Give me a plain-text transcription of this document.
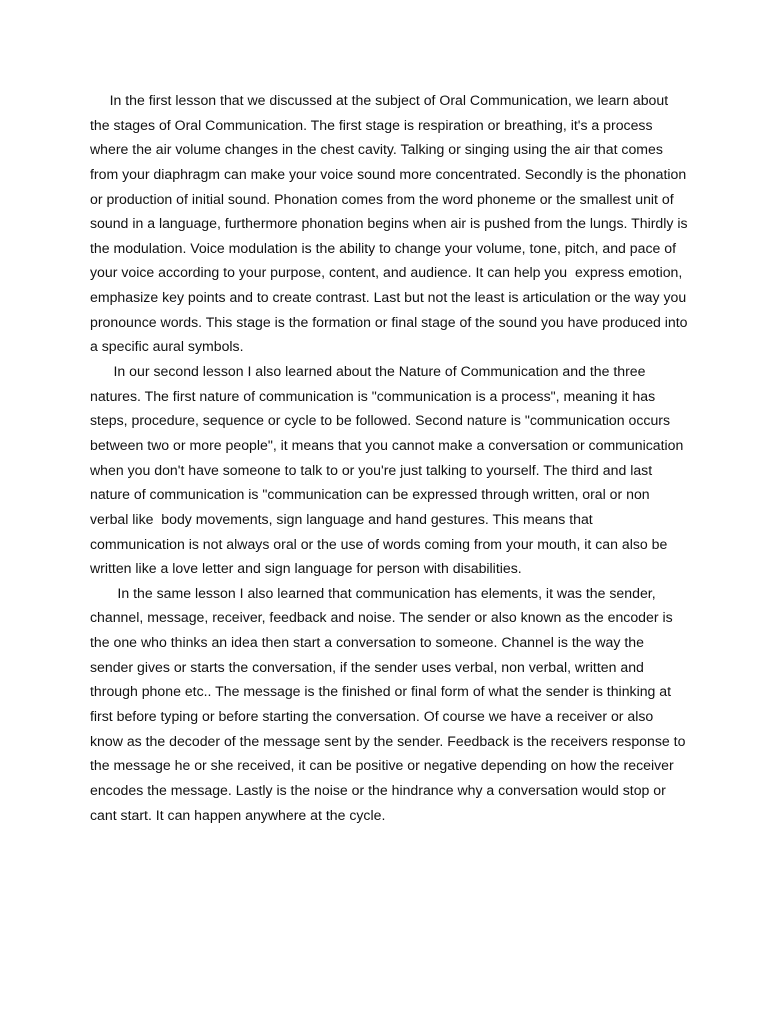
In the first lesson that we discussed at the subject of Oral Communication, we learn about
the stages of Oral Communication. The first stage is respiration or breathing, it's a process
where the air volume changes in the chest cavity. Talking or singing using the air that comes
from your diaphragm can make your voice sound more concentrated. Secondly is the phonation
or production of initial sound. Phonation comes from the word phoneme or the smallest unit of
sound in a language, furthermore phonation begins when air is pushed from the lungs. Thirdly is
the modulation. Voice modulation is the ability to change your volume, tone, pitch, and pace of
your voice according to your purpose, content, and audience. It can help you  express emotion,
emphasize key points and to create contrast. Last but not the least is articulation or the way you
pronounce words. This stage is the formation or final stage of the sound you have produced into
a specific aural symbols.
In our second lesson I also learned about the Nature of Communication and the three
natures. The first nature of communication is "communication is a process", meaning it has
steps, procedure, sequence or cycle to be followed. Second nature is "communication occurs
between two or more people", it means that you cannot make a conversation or communication
when you don't have someone to talk to or you're just talking to yourself. The third and last
nature of communication is "communication can be expressed through written, oral or non
verbal like  body movements, sign language and hand gestures. This means that
communication is not always oral or the use of words coming from your mouth, it can also be
written like a love letter and sign language for person with disabilities.
In the same lesson I also learned that communication has elements, it was the sender,
channel, message, receiver, feedback and noise. The sender or also known as the encoder is
the one who thinks an idea then start a conversation to someone. Channel is the way the
sender gives or starts the conversation, if the sender uses verbal, non verbal, written and
through phone etc.. The message is the finished or final form of what the sender is thinking at
first before typing or before starting the conversation. Of course we have a receiver or also
know as the decoder of the message sent by the sender. Feedback is the receivers response to
the message he or she received, it can be positive or negative depending on how the receiver
encodes the message. Lastly is the noise or the hindrance why a conversation would stop or
cant start. It can happen anywhere at the cycle.
